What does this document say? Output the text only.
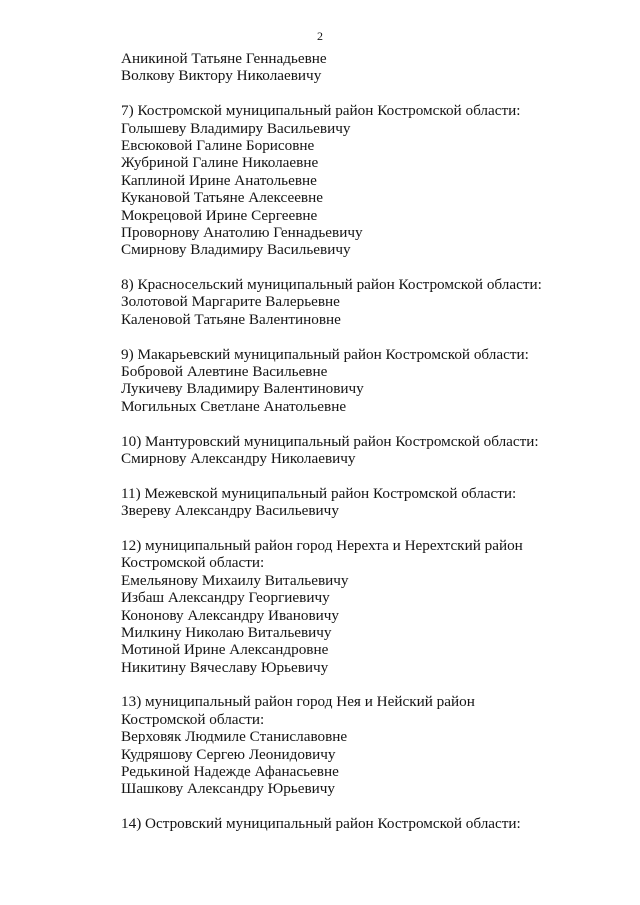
2
Аникиной Татьяне Геннадьевне
Волкову Виктору Николаевичу
7) Костромской муниципальный район Костромской области:
Голышеву Владимиру Васильевичу
Евсюковой Галине Борисовне
Жубриной Галине Николаевне
Каплиной Ирине Анатольевне
Кукановой Татьяне Алексеевне
Мокрецовой Ирине Сергеевне
Проворнову Анатолию Геннадьевичу
Смирнову Владимиру Васильевичу
8) Красносельский муниципальный район Костромской области:
Золотовой Маргарите Валерьевне
Каленовой Татьяне Валентиновне
9) Макарьевский муниципальный район Костромской области:
Бобровой Алевтине Васильевне
Лукичеву Владимиру Валентиновичу
Могильных Светлане Анатольевне
10) Мантуровский муниципальный район Костромской области:
Смирнову Александру Николаевичу
11) Межевской муниципальный район Костромской области:
Звереву Александру Васильевичу
12) муниципальный район город Нерехта и Нерехтский район
Костромской области:
Емельянову Михаилу Витальевичу
Избаш Александру Георгиевичу
Кононову Александру Ивановичу
Милкину Николаю Витальевичу
Мотиной Ирине Александровне
Никитину Вячеславу Юрьевичу
13) муниципальный район город Нея и Нейский район
Костромской области:
Верховяк Людмиле Станиславовне
Кудряшову Сергею Леонидовичу
Редькиной Надежде Афанасьевне
Шашкову Александру Юрьевичу
14) Островский муниципальный район Костромской области:
